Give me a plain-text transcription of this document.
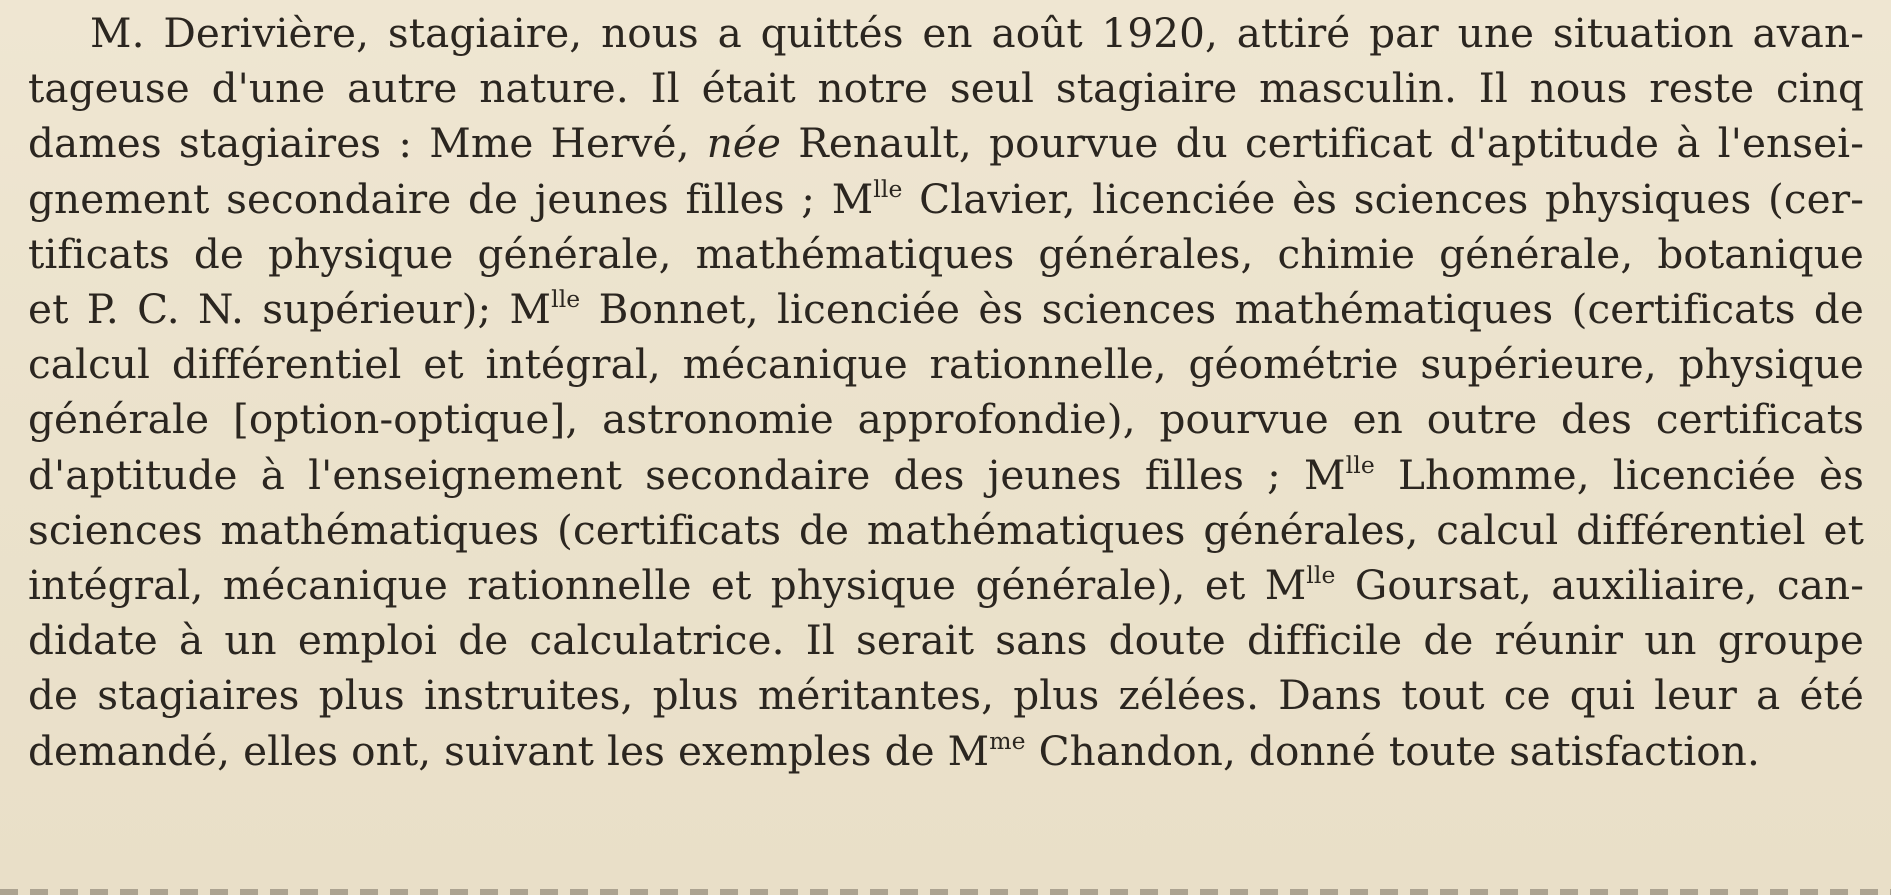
M. Derivière, stagiaire, nous a quittés en août 1920, attiré par une situation avan-
tageuse d'une autre nature. Il était notre seul stagiaire masculin. Il nous reste cinq
dames stagiaires : Mme Hervé, née Renault, pourvue du certificat d'aptitude à l'ensei-
gnement secondaire de jeunes filles ; $M^{lle}$ Clavier, licenciée ès sciences physiques (cer-
tificats de physique générale, mathématiques générales, chimie générale, botanique
et P. C. N. supérieur); $M^{lle}$ Bonnet, licenciée ès sciences mathématiques (certificats de
calcul différentiel et intégral, mécanique rationnelle, géométrie supérieure, physique
générale [option-optique], astronomie approfondie), pourvue en outre des certificats
d'aptitude à l'enseignement secondaire des jeunes filles ; $M^{lle}$ Lhomme, licenciée ès
sciences mathématiques (certificats de mathématiques générales, calcul différentiel et
intégral, mécanique rationnelle et physique générale), et $M^{lle}$ Goursat, auxiliaire, can-
didate à un emploi de calculatrice. Il serait sans doute difficile de réunir un groupe
de stagiaires plus instruites, plus méritantes, plus zélées. Dans tout ce qui leur a été
demandé, elles ont, suivant les exemples de $M^{me}$ Chandon, donné toute satisfaction.
